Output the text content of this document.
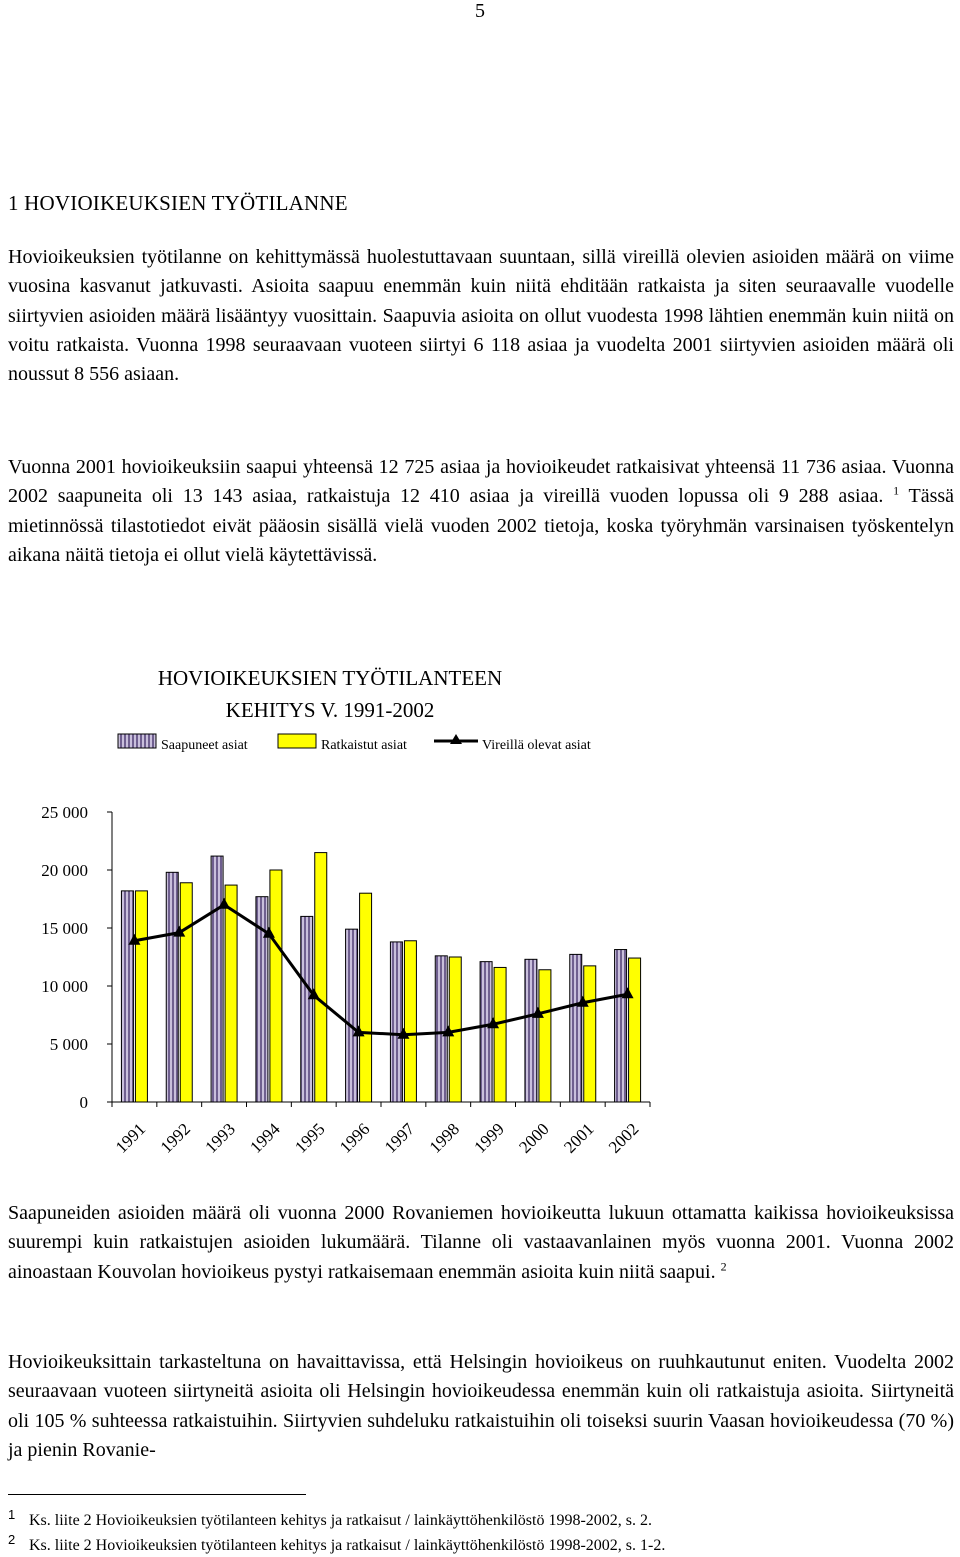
5
1 HOVIOIKEUKSIEN TYÖTILANNE

Hovioikeuksien työtilanne on kehittymässä huolestuttavaan suuntaan, sillä vireillä olevien asioiden määrä on viime vuosina kasvanut jatkuvasti. Asioita saapuu enemmän kuin niitä ehditään ratkaista ja siten seuraavalle vuodelle siirtyvien asioiden määrä lisääntyy vuosittain. Saapuvia asioita on ollut vuodesta 1998 lähtien enemmän kuin niitä on voitu ratkaista. Vuonna 1998 seuraavaan vuoteen siirtyi 6 118 asiaa ja vuodelta 2001 siirtyvien asioiden määrä oli noussut 8 556 asiaan.

Vuonna 2001 hovioikeuksiin saapui yhteensä 12 725 asiaa ja hovioikeudet ratkaisivat yhteensä 11 736 asiaa. Vuonna 2002 saapuneita oli 13 143 asiaa, ratkaistuja 12 410 asiaa ja vireillä vuoden lopussa oli 9 288 asiaa. $^1$ Tässä mietinnössä tilastotiedot eivät pääosin sisällä vielä vuoden 2002 tietoja, koska työryhmän varsinaisen työskentelyn aikana näitä tietoja ei ollut vielä käytettävissä.

HOVIOIKEUKSIEN TYÖTILANTEEN
KEHITYS V. 1991-2002
Saapuneet asiat	Ratkaistut asiat	Vireillä olevat asiat
0
5 000
10 000
15 000
20 000
25 000
1991 1992 1993 1994 1995 1996 1997 1998 1999 2000 2001 2002

Saapuneiden asioiden määrä oli vuonna 2000 Rovaniemen hovioikeutta lukuun ottamatta kaikissa hovioikeuksissa suurempi kuin ratkaistujen asioiden lukumäärä. Tilanne oli vastaavanlainen myös vuonna 2001. Vuonna 2002 ainoastaan Kouvolan hovioikeus pystyi ratkaisemaan enemmän asioita kuin niitä saapui. $^2$

Hovioikeuksittain tarkasteltuna on havaittavissa, että Helsingin hovioikeus on ruuhkautunut eniten. Vuodelta 2002 seuraavaan vuoteen siirtyneitä asioita oli Helsingin hovioikeudessa enemmän kuin oli ratkaistuja asioita. Siirtyneitä oli 105 % suhteessa ratkaistuihin. Siirtyvien suhdeluku ratkaistuihin oli toiseksi suurin Vaasan hovioikeudessa (70 %) ja pienin Rovanie-

1 Ks. liite 2 Hovioikeuksien työtilanteen kehitys ja ratkaisut / lainkäyttöhenkilöstö 1998-2002, s. 2.
2 Ks. liite 2 Hovioikeuksien työtilanteen kehitys ja ratkaisut / lainkäyttöhenkilöstö 1998-2002, s. 1-2.
